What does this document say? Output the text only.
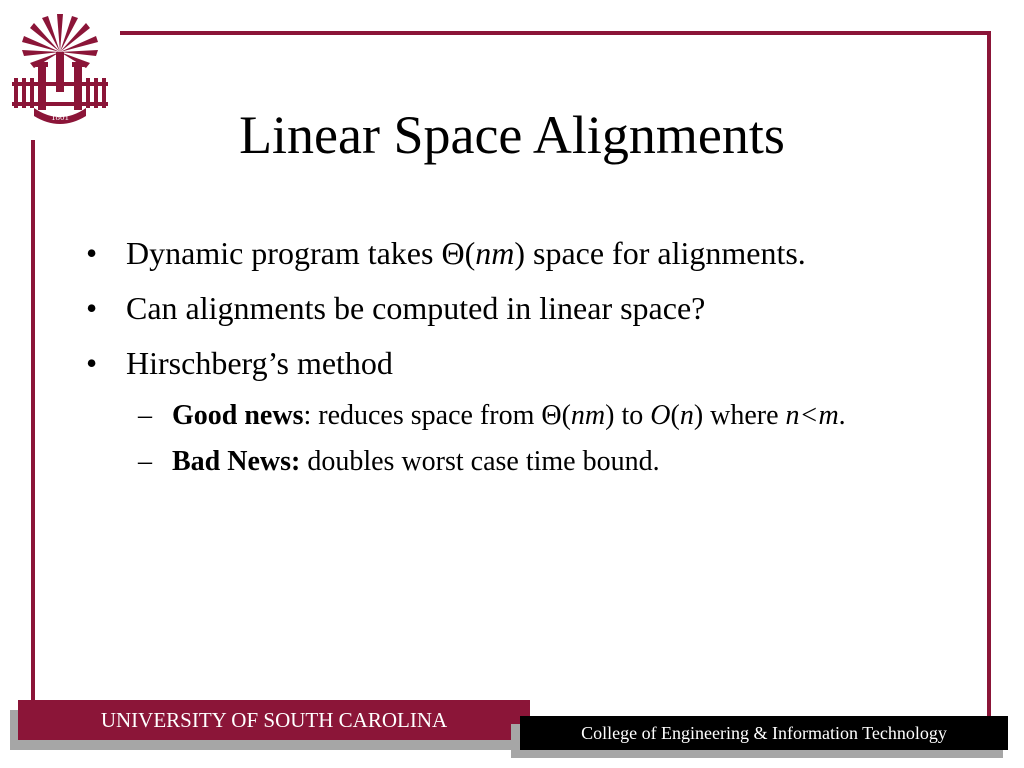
1801	Linear Space Alignments
• Dynamic program takes Θ(nm) space for alignments.
• Can alignments be computed in linear space?
• Hirschberg’s method
– Good news: reduces space from Θ(nm) to O(n) where n<m.
– Bad News: doubles worst case time bound.
UNIVERSITY OF SOUTH CAROLINA
College of Engineering & Information Technology
